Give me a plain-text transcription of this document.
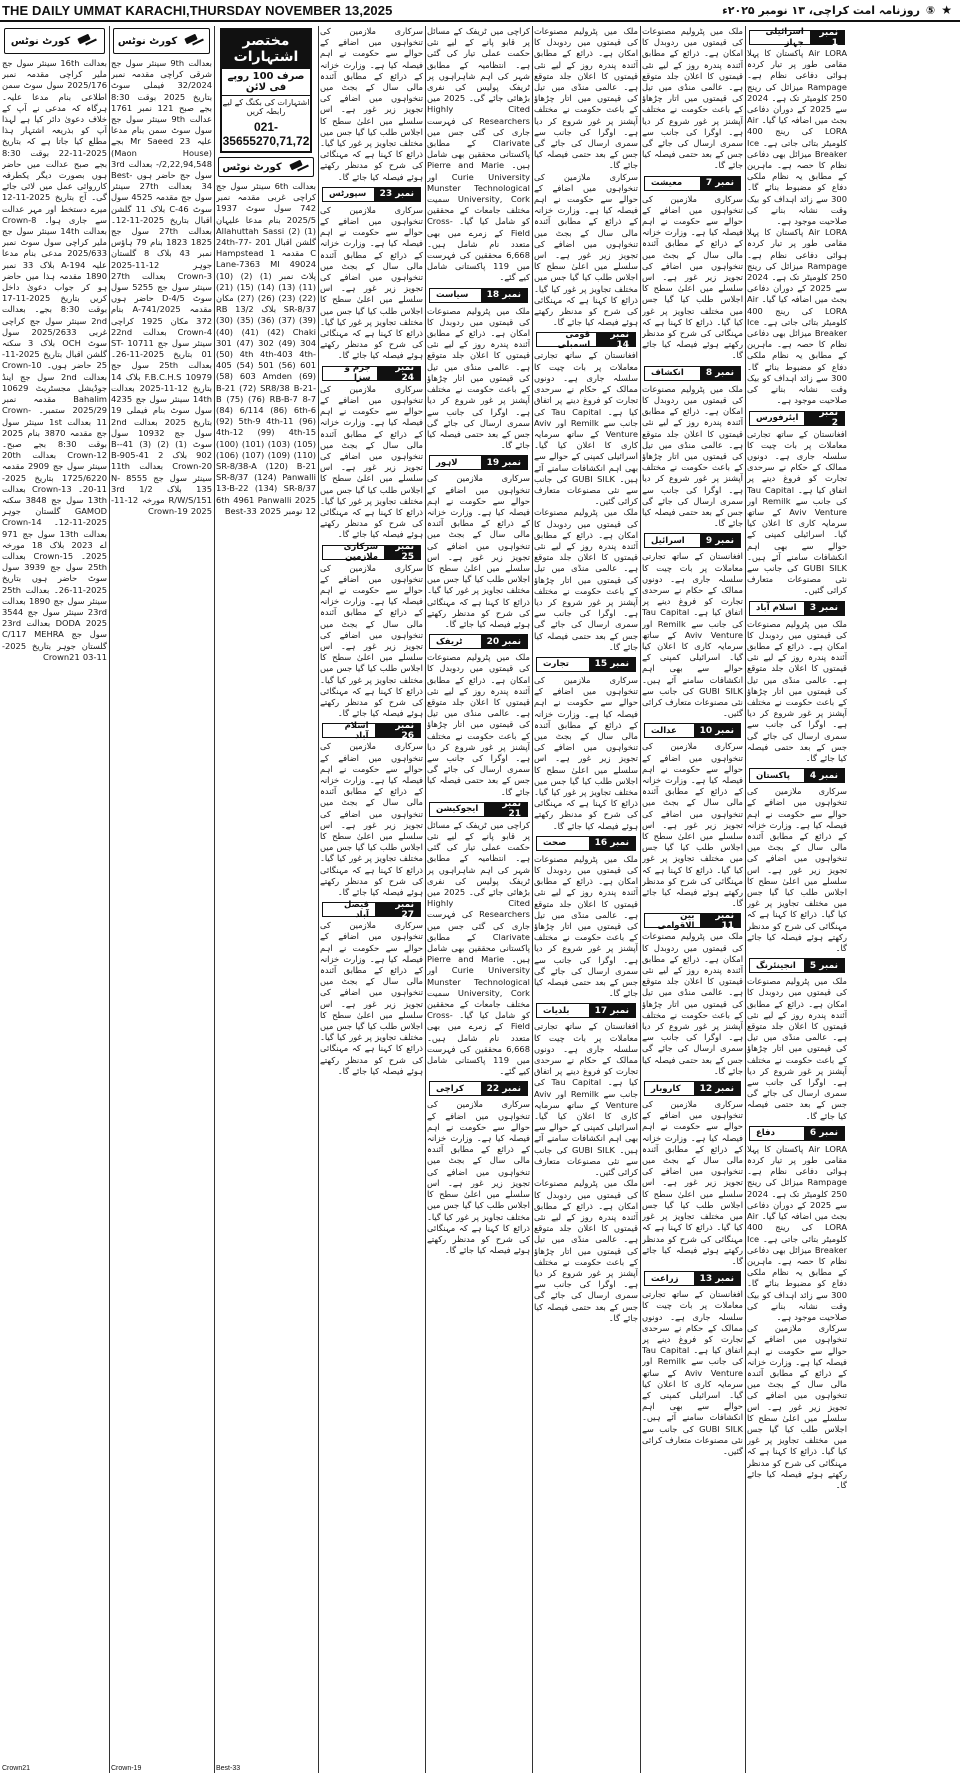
THE DAILY UMMAT KARACHI,THURSDAY NOVEMBER 13,2025	★
⑤
روزنامہ امت کراچی، ۱۳ نومبر ۲۰۲۵ء
کورٹ نوٹس
بعدالت 16th سینئر سول جج ملیر کراچی مقدمہ نمبر 2025/176 سول سوٹ سمن اطلاعی بنام مدعا علیہ۔ ہرگاہ کہ مدعی نے آپ کے خلاف دعویٰ دائر کیا ہے لہذا آپ کو بذریعہ اشتہار ہذا مطلع کیا جاتا ہے کہ بتاریخ 2025-11-22 بوقت 8:30 بجے صبح عدالت میں حاضر ہوں بصورت دیگر یکطرفہ کارروائی عمل میں لائی جائے گی۔ آج بتاریخ 2025-11-12 میرے دستخط اور مہر عدالت سے جاری ہوا۔ Crown-8 بعدالت 14th سینئر سول جج ملیر کراچی سول سوٹ نمبر 2025/633 مدعی بنام مدعا علیہ A-194 بلاک 33 نمبر 1890 مقدمہ ہذا میں حاضر ہو کر جواب دعویٰ داخل کریں بتاریخ 2025-11-17 بوقت 8:30 بجے۔ بعدالت 2nd سینئر سول جج کراچی غربی 2025/2633 سول سوٹ OCH بلاک 3 سکنہ گلشن اقبال بتاریخ 2025-11-25 حاضر ہوں۔ Crown-10 بعدالت 2nd سول جج اینڈ جوڈیشل مجسٹریٹ 10629 Bahalim مقدمہ نمبر 2025/29 ستمبر۔ Crown-11 بعدالت 1st سینئر سول جج مقدمہ 3870 بنام 2025 بوقت 8:30 بجے صبح۔ Crown-12 بعدالت 20th سینئر سول جج 2909 مقدمہ 1725/6220 بتاریخ 2025-11-20۔ Crown-13 بعدالت 13th سول جج 3848 سکنہ GAMOD گلستان جوہر 2025-11-12۔ Crown-14 بعدالت 13th سول جج 971 اے 2023 بلاک 18 مورخہ 2025۔ Crown-15 بعدالت 25th سول جج 3939 سول سوٹ حاضر ہوں بتاریخ 2025-11-26۔ بعدالت 25th سینئر سول جج 1890 بعدالت 23rd سینئر سول جج 3544 DODA 2025 بعدالت 23rd سول جج C/117 MEHRA گلستان جوہر بتاریخ 2025-11-03 Crown21
Crown21
کورٹ نوٹس
بعدالت 9th سینئر سول جج شرقی کراچی مقدمہ نمبر 32/2024 فیملی سوٹ بتاریخ 2025 بوقت 8:30 بجے صبح 121 نمبر 1761 عدالت 9th سینئر سول جج سول سوٹ سمن بنام مدعا علیہ Mr Saeed 23 بجے (Maon House) 2,22,94,548/- بعدالت 3rd سول جج حاضر ہوں Best-34 بعدالت 27th سینئر سول جج مقدمہ 4525 سول سوٹ C-46 بلاک 11 گلشن اقبال بتاریخ 2025-11-12۔ بعدالت 27th سول جج 1825 1823 بنام 79 ہاؤس نمبر 43 بلاک 8 گلستان جوہر 12-11-2025 Crown-3 بعدالت 27th سینئر سول جج 5255 سول سوٹ D-4/5 حاضر ہوں مقدمہ 2025/A-741 بنام 372 مکان 1925 کراچی Crown-4 بعدالت 22nd سینئر سول جج 10711 ST-01 بتاریخ 2025-11-26۔ بعدالت 25th سول جج 10979 F.B.C.H.S بلاک 14 بتاریخ 12-11-2025 بعدالت 14th سینئر سول جج 4235 سول سوٹ بنام فیملی 19 بتاریخ 2025 بعدالت 2nd سول جج 10932 سول سوٹ (1) (2) (3) 41-B-902 بلاک 2 41-B-905 Crown-20 بعدالت 11th سینئر سول جج 8555 N-135 بلاک 3rd 1/2 R/W/S/151 مورخہ 12-11-2025 Crown-19
Crown-19
مختصر اشتہارات
صرف 100 روپے فی لائن
اشتہارات کی بکنگ کے لیے رابطہ کریں
021-35655270,71,72
کورٹ نوٹس
بعدالت 6th سینئر سول جج کراچی غربی مقدمہ نمبر 742 سول سوٹ 1937 2025/5 بنام مدعا علیہان (1) Allahuttah Sassi (2) گلشن اقبال 201 24th-77-C مقدمہ 1 Hampstead Lane-7363 MI 49024 پلاٹ نمبر (1) (2) (10) (11) (13) (14) (15) (21) (22) (23) (26) (27) مکان SR-8/37 بلاک RB 13/2 (30) (35) (36) (37) (39) (40) (41) (42) Chaki 301 (47) 302 (49) 304 (50) 4th 4th-403 4th-405 (54) 501 (56) 601 (58) 603 Amden (69) B-21 (72) SR8/38 B-21-B (75) (76) RB-B-7 8-7 (84) 6/114 (86) 6th-6 (92) 5th-9 4th-11 (96) 4th-12 (99) 4th-15 (100) (101) (103) (105) (106) (107) (109) (110) SR-8/38-A (120) B-21 SR-8/37 (124) Panwalli 13-B-22 (134) SR-8/37 6th 4961 Panwalli 2025 12 نومبر 2025 Best-33
Best-33
سرکاری ملازمین کی تنخواہوں میں اضافے کے حوالے سے حکومت نے اہم فیصلہ کیا ہے۔ وزارت خزانہ کے ذرائع کے مطابق آئندہ مالی سال کے بجٹ میں تنخواہوں میں اضافے کی تجویز زیر غور ہے۔ اس سلسلے میں اعلیٰ سطح کا اجلاس طلب کیا گیا جس میں مختلف تجاویز پر غور کیا گیا۔ ذرائع کا کہنا ہے کہ مہنگائی کی شرح کو مدنظر رکھتے ہوئے فیصلہ کیا جائے گا۔
نمبر 23
سپورٹس
سرکاری ملازمین کی تنخواہوں میں اضافے کے حوالے سے حکومت نے اہم فیصلہ کیا ہے۔ وزارت خزانہ کے ذرائع کے مطابق آئندہ مالی سال کے بجٹ میں تنخواہوں میں اضافے کی تجویز زیر غور ہے۔ اس سلسلے میں اعلیٰ سطح کا اجلاس طلب کیا گیا جس میں مختلف تجاویز پر غور کیا گیا۔ ذرائع کا کہنا ہے کہ مہنگائی کی شرح کو مدنظر رکھتے ہوئے فیصلہ کیا جائے گا۔
نمبر 24
جرم و سزا
سرکاری ملازمین کی تنخواہوں میں اضافے کے حوالے سے حکومت نے اہم فیصلہ کیا ہے۔ وزارت خزانہ کے ذرائع کے مطابق آئندہ مالی سال کے بجٹ میں تنخواہوں میں اضافے کی تجویز زیر غور ہے۔ اس سلسلے میں اعلیٰ سطح کا اجلاس طلب کیا گیا جس میں مختلف تجاویز پر غور کیا گیا۔ ذرائع کا کہنا ہے کہ مہنگائی کی شرح کو مدنظر رکھتے ہوئے فیصلہ کیا جائے گا۔
نمبر 25
سرکاری ملازمین
سرکاری ملازمین کی تنخواہوں میں اضافے کے حوالے سے حکومت نے اہم فیصلہ کیا ہے۔ وزارت خزانہ کے ذرائع کے مطابق آئندہ مالی سال کے بجٹ میں تنخواہوں میں اضافے کی تجویز زیر غور ہے۔ اس سلسلے میں اعلیٰ سطح کا اجلاس طلب کیا گیا جس میں مختلف تجاویز پر غور کیا گیا۔ ذرائع کا کہنا ہے کہ مہنگائی کی شرح کو مدنظر رکھتے ہوئے فیصلہ کیا جائے گا۔
نمبر 26
اسلام آباد
سرکاری ملازمین کی تنخواہوں میں اضافے کے حوالے سے حکومت نے اہم فیصلہ کیا ہے۔ وزارت خزانہ کے ذرائع کے مطابق آئندہ مالی سال کے بجٹ میں تنخواہوں میں اضافے کی تجویز زیر غور ہے۔ اس سلسلے میں اعلیٰ سطح کا اجلاس طلب کیا گیا جس میں مختلف تجاویز پر غور کیا گیا۔ ذرائع کا کہنا ہے کہ مہنگائی کی شرح کو مدنظر رکھتے ہوئے فیصلہ کیا جائے گا۔
نمبر 27
فیصل آباد
سرکاری ملازمین کی تنخواہوں میں اضافے کے حوالے سے حکومت نے اہم فیصلہ کیا ہے۔ وزارت خزانہ کے ذرائع کے مطابق آئندہ مالی سال کے بجٹ میں تنخواہوں میں اضافے کی تجویز زیر غور ہے۔ اس سلسلے میں اعلیٰ سطح کا اجلاس طلب کیا گیا جس میں مختلف تجاویز پر غور کیا گیا۔ ذرائع کا کہنا ہے کہ مہنگائی کی شرح کو مدنظر رکھتے ہوئے فیصلہ کیا جائے گا۔
کراچی میں ٹریفک کے مسائل پر قابو پانے کے لیے نئی حکمت عملی تیار کی گئی ہے۔ انتظامیہ کے مطابق شہر کی اہم شاہراہوں پر ٹریفک پولیس کی نفری بڑھائی جائے گی۔ 2025 میں Highly Cited Researchers کی فہرست جاری کی گئی جس میں Clarivate کے مطابق پاکستانی محققین بھی شامل ہیں۔ Pierre and Marie Curie University اور Munster Technological University, Cork سمیت مختلف جامعات کے محققین کو شامل کیا گیا۔ Cross-Field کے زمرے میں بھی متعدد نام شامل ہیں۔ 6,668 محققین کی فہرست میں 119 پاکستانی شامل کیے گئے۔
نمبر 18
سیاست
ملک میں پٹرولیم مصنوعات کی قیمتوں میں ردوبدل کا امکان ہے۔ ذرائع کے مطابق آئندہ پندرہ روز کے لیے نئی قیمتوں کا اعلان جلد متوقع ہے۔ عالمی منڈی میں تیل کی قیمتوں میں اتار چڑھاؤ کے باعث حکومت نے مختلف آپشنز پر غور شروع کر دیا ہے۔ اوگرا کی جانب سے سمری ارسال کی جائے گی جس کے بعد حتمی فیصلہ کیا جائے گا۔
نمبر 19
لاہور
سرکاری ملازمین کی تنخواہوں میں اضافے کے حوالے سے حکومت نے اہم فیصلہ کیا ہے۔ وزارت خزانہ کے ذرائع کے مطابق آئندہ مالی سال کے بجٹ میں تنخواہوں میں اضافے کی تجویز زیر غور ہے۔ اس سلسلے میں اعلیٰ سطح کا اجلاس طلب کیا گیا جس میں مختلف تجاویز پر غور کیا گیا۔ ذرائع کا کہنا ہے کہ مہنگائی کی شرح کو مدنظر رکھتے ہوئے فیصلہ کیا جائے گا۔
نمبر 20
ٹریفک
ملک میں پٹرولیم مصنوعات کی قیمتوں میں ردوبدل کا امکان ہے۔ ذرائع کے مطابق آئندہ پندرہ روز کے لیے نئی قیمتوں کا اعلان جلد متوقع ہے۔ عالمی منڈی میں تیل کی قیمتوں میں اتار چڑھاؤ کے باعث حکومت نے مختلف آپشنز پر غور شروع کر دیا ہے۔ اوگرا کی جانب سے سمری ارسال کی جائے گی جس کے بعد حتمی فیصلہ کیا جائے گا۔
نمبر 21
ایجوکیشن
کراچی میں ٹریفک کے مسائل پر قابو پانے کے لیے نئی حکمت عملی تیار کی گئی ہے۔ انتظامیہ کے مطابق شہر کی اہم شاہراہوں پر ٹریفک پولیس کی نفری بڑھائی جائے گی۔ 2025 میں Highly Cited Researchers کی فہرست جاری کی گئی جس میں Clarivate کے مطابق پاکستانی محققین بھی شامل ہیں۔ Pierre and Marie Curie University اور Munster Technological University, Cork سمیت مختلف جامعات کے محققین کو شامل کیا گیا۔ Cross-Field کے زمرے میں بھی متعدد نام شامل ہیں۔ 6,668 محققین کی فہرست میں 119 پاکستانی شامل کیے گئے۔
نمبر 22
کراچی
سرکاری ملازمین کی تنخواہوں میں اضافے کے حوالے سے حکومت نے اہم فیصلہ کیا ہے۔ وزارت خزانہ کے ذرائع کے مطابق آئندہ مالی سال کے بجٹ میں تنخواہوں میں اضافے کی تجویز زیر غور ہے۔ اس سلسلے میں اعلیٰ سطح کا اجلاس طلب کیا گیا جس میں مختلف تجاویز پر غور کیا گیا۔ ذرائع کا کہنا ہے کہ مہنگائی کی شرح کو مدنظر رکھتے ہوئے فیصلہ کیا جائے گا۔
ملک میں پٹرولیم مصنوعات کی قیمتوں میں ردوبدل کا امکان ہے۔ ذرائع کے مطابق آئندہ پندرہ روز کے لیے نئی قیمتوں کا اعلان جلد متوقع ہے۔ عالمی منڈی میں تیل کی قیمتوں میں اتار چڑھاؤ کے باعث حکومت نے مختلف آپشنز پر غور شروع کر دیا ہے۔ اوگرا کی جانب سے سمری ارسال کی جائے گی جس کے بعد حتمی فیصلہ کیا جائے گا۔
سرکاری ملازمین کی تنخواہوں میں اضافے کے حوالے سے حکومت نے اہم فیصلہ کیا ہے۔ وزارت خزانہ کے ذرائع کے مطابق آئندہ مالی سال کے بجٹ میں تنخواہوں میں اضافے کی تجویز زیر غور ہے۔ اس سلسلے میں اعلیٰ سطح کا اجلاس طلب کیا گیا جس میں مختلف تجاویز پر غور کیا گیا۔ ذرائع کا کہنا ہے کہ مہنگائی کی شرح کو مدنظر رکھتے ہوئے فیصلہ کیا جائے گا۔
نمبر 14
قومی اسمبلی
افغانستان کے ساتھ تجارتی معاملات پر بات چیت کا سلسلہ جاری ہے۔ دونوں ممالک کے حکام نے سرحدی تجارت کو فروغ دینے پر اتفاق کیا ہے۔ Tau Capital کی جانب سے Remilk اور Aviv Venture کے ساتھ سرمایہ کاری کا اعلان کیا گیا۔ اسرائیلی کمپنی کے حوالے سے بھی اہم انکشافات سامنے آئے ہیں۔ GUBI SILK کی جانب سے نئی مصنوعات متعارف کرائی گئیں۔
ملک میں پٹرولیم مصنوعات کی قیمتوں میں ردوبدل کا امکان ہے۔ ذرائع کے مطابق آئندہ پندرہ روز کے لیے نئی قیمتوں کا اعلان جلد متوقع ہے۔ عالمی منڈی میں تیل کی قیمتوں میں اتار چڑھاؤ کے باعث حکومت نے مختلف آپشنز پر غور شروع کر دیا ہے۔ اوگرا کی جانب سے سمری ارسال کی جائے گی جس کے بعد حتمی فیصلہ کیا جائے گا۔
نمبر 15
تجارت
سرکاری ملازمین کی تنخواہوں میں اضافے کے حوالے سے حکومت نے اہم فیصلہ کیا ہے۔ وزارت خزانہ کے ذرائع کے مطابق آئندہ مالی سال کے بجٹ میں تنخواہوں میں اضافے کی تجویز زیر غور ہے۔ اس سلسلے میں اعلیٰ سطح کا اجلاس طلب کیا گیا جس میں مختلف تجاویز پر غور کیا گیا۔ ذرائع کا کہنا ہے کہ مہنگائی کی شرح کو مدنظر رکھتے ہوئے فیصلہ کیا جائے گا۔
نمبر 16
صحت
ملک میں پٹرولیم مصنوعات کی قیمتوں میں ردوبدل کا امکان ہے۔ ذرائع کے مطابق آئندہ پندرہ روز کے لیے نئی قیمتوں کا اعلان جلد متوقع ہے۔ عالمی منڈی میں تیل کی قیمتوں میں اتار چڑھاؤ کے باعث حکومت نے مختلف آپشنز پر غور شروع کر دیا ہے۔ اوگرا کی جانب سے سمری ارسال کی جائے گی جس کے بعد حتمی فیصلہ کیا جائے گا۔
نمبر 17
بلدیات
افغانستان کے ساتھ تجارتی معاملات پر بات چیت کا سلسلہ جاری ہے۔ دونوں ممالک کے حکام نے سرحدی تجارت کو فروغ دینے پر اتفاق کیا ہے۔ Tau Capital کی جانب سے Remilk اور Aviv Venture کے ساتھ سرمایہ کاری کا اعلان کیا گیا۔ اسرائیلی کمپنی کے حوالے سے بھی اہم انکشافات سامنے آئے ہیں۔ GUBI SILK کی جانب سے نئی مصنوعات متعارف کرائی گئیں۔
ملک میں پٹرولیم مصنوعات کی قیمتوں میں ردوبدل کا امکان ہے۔ ذرائع کے مطابق آئندہ پندرہ روز کے لیے نئی قیمتوں کا اعلان جلد متوقع ہے۔ عالمی منڈی میں تیل کی قیمتوں میں اتار چڑھاؤ کے باعث حکومت نے مختلف آپشنز پر غور شروع کر دیا ہے۔ اوگرا کی جانب سے سمری ارسال کی جائے گی جس کے بعد حتمی فیصلہ کیا جائے گا۔
ملک میں پٹرولیم مصنوعات کی قیمتوں میں ردوبدل کا امکان ہے۔ ذرائع کے مطابق آئندہ پندرہ روز کے لیے نئی قیمتوں کا اعلان جلد متوقع ہے۔ عالمی منڈی میں تیل کی قیمتوں میں اتار چڑھاؤ کے باعث حکومت نے مختلف آپشنز پر غور شروع کر دیا ہے۔ اوگرا کی جانب سے سمری ارسال کی جائے گی جس کے بعد حتمی فیصلہ کیا جائے گا۔
نمبر 7
معیشت
سرکاری ملازمین کی تنخواہوں میں اضافے کے حوالے سے حکومت نے اہم فیصلہ کیا ہے۔ وزارت خزانہ کے ذرائع کے مطابق آئندہ مالی سال کے بجٹ میں تنخواہوں میں اضافے کی تجویز زیر غور ہے۔ اس سلسلے میں اعلیٰ سطح کا اجلاس طلب کیا گیا جس میں مختلف تجاویز پر غور کیا گیا۔ ذرائع کا کہنا ہے کہ مہنگائی کی شرح کو مدنظر رکھتے ہوئے فیصلہ کیا جائے گا۔
نمبر 8
انکشاف
ملک میں پٹرولیم مصنوعات کی قیمتوں میں ردوبدل کا امکان ہے۔ ذرائع کے مطابق آئندہ پندرہ روز کے لیے نئی قیمتوں کا اعلان جلد متوقع ہے۔ عالمی منڈی میں تیل کی قیمتوں میں اتار چڑھاؤ کے باعث حکومت نے مختلف آپشنز پر غور شروع کر دیا ہے۔ اوگرا کی جانب سے سمری ارسال کی جائے گی جس کے بعد حتمی فیصلہ کیا جائے گا۔
نمبر 9
اسرائیل
افغانستان کے ساتھ تجارتی معاملات پر بات چیت کا سلسلہ جاری ہے۔ دونوں ممالک کے حکام نے سرحدی تجارت کو فروغ دینے پر اتفاق کیا ہے۔ Tau Capital کی جانب سے Remilk اور Aviv Venture کے ساتھ سرمایہ کاری کا اعلان کیا گیا۔ اسرائیلی کمپنی کے حوالے سے بھی اہم انکشافات سامنے آئے ہیں۔ GUBI SILK کی جانب سے نئی مصنوعات متعارف کرائی گئیں۔
نمبر 10
عدالت
سرکاری ملازمین کی تنخواہوں میں اضافے کے حوالے سے حکومت نے اہم فیصلہ کیا ہے۔ وزارت خزانہ کے ذرائع کے مطابق آئندہ مالی سال کے بجٹ میں تنخواہوں میں اضافے کی تجویز زیر غور ہے۔ اس سلسلے میں اعلیٰ سطح کا اجلاس طلب کیا گیا جس میں مختلف تجاویز پر غور کیا گیا۔ ذرائع کا کہنا ہے کہ مہنگائی کی شرح کو مدنظر رکھتے ہوئے فیصلہ کیا جائے گا۔
نمبر 11
بین الاقوامی
ملک میں پٹرولیم مصنوعات کی قیمتوں میں ردوبدل کا امکان ہے۔ ذرائع کے مطابق آئندہ پندرہ روز کے لیے نئی قیمتوں کا اعلان جلد متوقع ہے۔ عالمی منڈی میں تیل کی قیمتوں میں اتار چڑھاؤ کے باعث حکومت نے مختلف آپشنز پر غور شروع کر دیا ہے۔ اوگرا کی جانب سے سمری ارسال کی جائے گی جس کے بعد حتمی فیصلہ کیا جائے گا۔
نمبر 12
کاروبار
سرکاری ملازمین کی تنخواہوں میں اضافے کے حوالے سے حکومت نے اہم فیصلہ کیا ہے۔ وزارت خزانہ کے ذرائع کے مطابق آئندہ مالی سال کے بجٹ میں تنخواہوں میں اضافے کی تجویز زیر غور ہے۔ اس سلسلے میں اعلیٰ سطح کا اجلاس طلب کیا گیا جس میں مختلف تجاویز پر غور کیا گیا۔ ذرائع کا کہنا ہے کہ مہنگائی کی شرح کو مدنظر رکھتے ہوئے فیصلہ کیا جائے گا۔
نمبر 13
زراعت
افغانستان کے ساتھ تجارتی معاملات پر بات چیت کا سلسلہ جاری ہے۔ دونوں ممالک کے حکام نے سرحدی تجارت کو فروغ دینے پر اتفاق کیا ہے۔ Tau Capital کی جانب سے Remilk اور Aviv Venture کے ساتھ سرمایہ کاری کا اعلان کیا گیا۔ اسرائیلی کمپنی کے حوالے سے بھی اہم انکشافات سامنے آئے ہیں۔ GUBI SILK کی جانب سے نئی مصنوعات متعارف کرائی گئیں۔
نمبر 1
اسرائیلی جہاز
Air LORA پاکستان کا پہلا مقامی طور پر تیار کردہ ہوائی دفاعی نظام ہے۔ Rampage میزائل کی رینج 250 کلومیٹر تک ہے۔ 2024 سے 2025 کے دوران دفاعی بجٹ میں اضافہ کیا گیا۔ Air LORA کی رینج 400 کلومیٹر بتائی جاتی ہے۔ Ice Breaker میزائل بھی دفاعی نظام کا حصہ ہے۔ ماہرین کے مطابق یہ نظام ملکی دفاع کو مضبوط بنائے گا۔ 300 سے زائد اہداف کو بیک وقت نشانہ بنانے کی صلاحیت موجود ہے۔
Air LORA پاکستان کا پہلا مقامی طور پر تیار کردہ ہوائی دفاعی نظام ہے۔ Rampage میزائل کی رینج 250 کلومیٹر تک ہے۔ 2024 سے 2025 کے دوران دفاعی بجٹ میں اضافہ کیا گیا۔ Air LORA کی رینج 400 کلومیٹر بتائی جاتی ہے۔ Ice Breaker میزائل بھی دفاعی نظام کا حصہ ہے۔ ماہرین کے مطابق یہ نظام ملکی دفاع کو مضبوط بنائے گا۔ 300 سے زائد اہداف کو بیک وقت نشانہ بنانے کی صلاحیت موجود ہے۔
نمبر 2
ایئرفورس
افغانستان کے ساتھ تجارتی معاملات پر بات چیت کا سلسلہ جاری ہے۔ دونوں ممالک کے حکام نے سرحدی تجارت کو فروغ دینے پر اتفاق کیا ہے۔ Tau Capital کی جانب سے Remilk اور Aviv Venture کے ساتھ سرمایہ کاری کا اعلان کیا گیا۔ اسرائیلی کمپنی کے حوالے سے بھی اہم انکشافات سامنے آئے ہیں۔ GUBI SILK کی جانب سے نئی مصنوعات متعارف کرائی گئیں۔
نمبر 3
اسلام آباد
ملک میں پٹرولیم مصنوعات کی قیمتوں میں ردوبدل کا امکان ہے۔ ذرائع کے مطابق آئندہ پندرہ روز کے لیے نئی قیمتوں کا اعلان جلد متوقع ہے۔ عالمی منڈی میں تیل کی قیمتوں میں اتار چڑھاؤ کے باعث حکومت نے مختلف آپشنز پر غور شروع کر دیا ہے۔ اوگرا کی جانب سے سمری ارسال کی جائے گی جس کے بعد حتمی فیصلہ کیا جائے گا۔
نمبر 4
پاکستان
سرکاری ملازمین کی تنخواہوں میں اضافے کے حوالے سے حکومت نے اہم فیصلہ کیا ہے۔ وزارت خزانہ کے ذرائع کے مطابق آئندہ مالی سال کے بجٹ میں تنخواہوں میں اضافے کی تجویز زیر غور ہے۔ اس سلسلے میں اعلیٰ سطح کا اجلاس طلب کیا گیا جس میں مختلف تجاویز پر غور کیا گیا۔ ذرائع کا کہنا ہے کہ مہنگائی کی شرح کو مدنظر رکھتے ہوئے فیصلہ کیا جائے گا۔
نمبر 5
انجینئرنگ
ملک میں پٹرولیم مصنوعات کی قیمتوں میں ردوبدل کا امکان ہے۔ ذرائع کے مطابق آئندہ پندرہ روز کے لیے نئی قیمتوں کا اعلان جلد متوقع ہے۔ عالمی منڈی میں تیل کی قیمتوں میں اتار چڑھاؤ کے باعث حکومت نے مختلف آپشنز پر غور شروع کر دیا ہے۔ اوگرا کی جانب سے سمری ارسال کی جائے گی جس کے بعد حتمی فیصلہ کیا جائے گا۔
نمبر 6
دفاع
Air LORA پاکستان کا پہلا مقامی طور پر تیار کردہ ہوائی دفاعی نظام ہے۔ Rampage میزائل کی رینج 250 کلومیٹر تک ہے۔ 2024 سے 2025 کے دوران دفاعی بجٹ میں اضافہ کیا گیا۔ Air LORA کی رینج 400 کلومیٹر بتائی جاتی ہے۔ Ice Breaker میزائل بھی دفاعی نظام کا حصہ ہے۔ ماہرین کے مطابق یہ نظام ملکی دفاع کو مضبوط بنائے گا۔ 300 سے زائد اہداف کو بیک وقت نشانہ بنانے کی صلاحیت موجود ہے۔
سرکاری ملازمین کی تنخواہوں میں اضافے کے حوالے سے حکومت نے اہم فیصلہ کیا ہے۔ وزارت خزانہ کے ذرائع کے مطابق آئندہ مالی سال کے بجٹ میں تنخواہوں میں اضافے کی تجویز زیر غور ہے۔ اس سلسلے میں اعلیٰ سطح کا اجلاس طلب کیا گیا جس میں مختلف تجاویز پر غور کیا گیا۔ ذرائع کا کہنا ہے کہ مہنگائی کی شرح کو مدنظر رکھتے ہوئے فیصلہ کیا جائے گا۔
